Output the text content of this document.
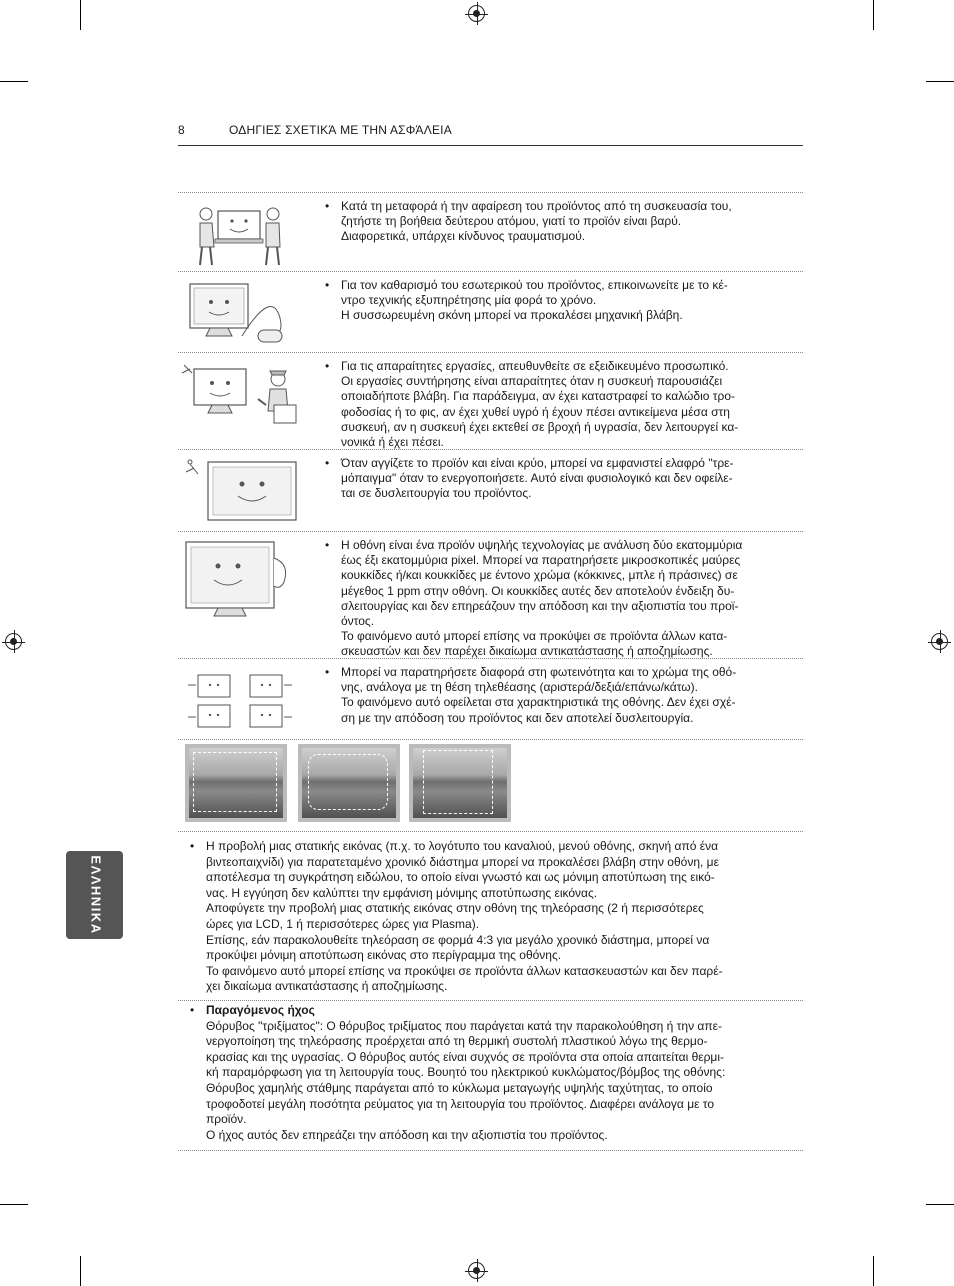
8	ΟΔΗΓΙΕΣ ΣΧΕΤΙΚΆ ΜΕ ΤΗΝ ΑΣΦΆΛΕΙΑ
• Κατά τη μεταφορά ή την αφαίρεση του προϊόντος από τη συσκευασία του,
ζητήστε τη βοήθεια δεύτερου ατόμου, γιατί το προϊόν είναι βαρύ.
Διαφορετικά, υπάρχει κίνδυνος τραυματισμού.
• Για τον καθαρισμό του εσωτερικού του προϊόντος, επικοινωνείτε με το κέ-
ντρο τεχνικής εξυπηρέτησης μία φορά το χρόνο.
Η συσσωρευμένη σκόνη μπορεί να προκαλέσει μηχανική βλάβη.
• Για τις απαραίτητες εργασίες, απευθυνθείτε σε εξειδικευμένο προσωπικό.
Οι εργασίες συντήρησης είναι απαραίτητες όταν η συσκευή παρουσιάζει
οποιαδήποτε βλάβη. Για παράδειγμα, αν έχει καταστραφεί το καλώδιο τρο-
φοδοσίας ή το φις, αν έχει χυθεί υγρό ή έχουν πέσει αντικείμενα μέσα στη
συσκευή, αν η συσκευή έχει εκτεθεί σε βροχή ή υγρασία, δεν λειτουργεί κα-
νονικά ή έχει πέσει.
• Όταν αγγίζετε το προϊόν και είναι κρύο, μπορεί να εμφανιστεί ελαφρό "τρε-
μόπαιγμα" όταν το ενεργοποιήσετε. Αυτό είναι φυσιολογικό και δεν οφείλε-
ται σε δυσλειτουργία του προϊόντος.
• Η οθόνη είναι ένα προϊόν υψηλής τεχνολογίας με ανάλυση δύο εκατομμύρια
έως έξι εκατομμύρια pixel. Μπορεί να παρατηρήσετε μικροσκοπικές μαύρες
κουκκίδες ή/και κουκκίδες με έντονο χρώμα (κόκκινες, μπλε ή πράσινες) σε
μέγεθος 1 ppm στην οθόνη. Οι κουκκίδες αυτές δεν αποτελούν ένδειξη δυ-
σλειτουργίας και δεν επηρεάζουν την απόδοση και την αξιοπιστία του προϊ-
όντος.
Το φαινόμενο αυτό μπορεί επίσης να προκύψει σε προϊόντα άλλων κατα-
σκευαστών και δεν παρέχει δικαίωμα αντικατάστασης ή αποζημίωσης.
• Μπορεί να παρατηρήσετε διαφορά στη φωτεινότητα και το χρώμα της οθό-
νης, ανάλογα με τη θέση τηλεθέασης (αριστερά/δεξιά/επάνω/κάτω).
Το φαινόμενο αυτό οφείλεται στα χαρακτηριστικά της οθόνης. Δεν έχει σχέ-
ση με την απόδοση του προϊόντος και δεν αποτελεί δυσλειτουργία.

• Η προβολή μιας στατικής εικόνας (π.χ. το λογότυπο του καναλιού, μενού οθόνης, σκηνή από ένα

βιντεοπαιχνίδι) για παρατεταμένο χρονικό διάστημα μπορεί να προκαλέσει βλάβη στην οθόνη, με

αποτέλεσμα τη συγκράτηση ειδώλου, το οποίο είναι γνωστό και ως μόνιμη αποτύπωση της εικό-

νας. Η εγγύηση δεν καλύπτει την εμφάνιση μόνιμης αποτύπωσης εικόνας.

Αποφύγετε την προβολή μιας στατικής εικόνας στην οθόνη της τηλεόρασης (2 ή περισσότερες

ώρες για LCD, 1 ή περισσότερες ώρες για Plasma).

Επίσης, εάν παρακολουθείτε τηλεόραση σε φορμά 4:3 για μεγάλο χρονικό διάστημα, μπορεί να

προκύψει μόνιμη αποτύπωση εικόνας στο περίγραμμα της οθόνης.

Το φαινόμενο αυτό μπορεί επίσης να προκύψει σε προϊόντα άλλων κατασκευαστών και δεν παρέ-

χει δικαίωμα αντικατάστασης ή αποζημίωσης.

• Παραγόμενος ήχος

Θόρυβος "τριξίματος": Ο θόρυβος τριξίματος που παράγεται κατά την παρακολούθηση ή την απε-

νεργοποίηση της τηλεόρασης προέρχεται από τη θερμική συστολή πλαστικού λόγω της θερμο-

κρασίας και της υγρασίας. Ο θόρυβος αυτός είναι συχνός σε προϊόντα στα οποία απαιτείται θερμι-

κή παραμόρφωση για τη λειτουργία τους. Βουητό του ηλεκτρικού κυκλώματος/βόμβος της οθόνης:

Θόρυβος χαμηλής στάθμης παράγεται από το κύκλωμα μεταγωγής υψηλής ταχύτητας, το οποίο

τροφοδοτεί μεγάλη ποσότητα ρεύματος για τη λειτουργία του προϊόντος. Διαφέρει ανάλογα με το

προϊόν.

Ο ήχος αυτός δεν επηρεάζει την απόδοση και την αξιοπιστία του προϊόντος.

ΕΛΛΗΝΙΚΑ
